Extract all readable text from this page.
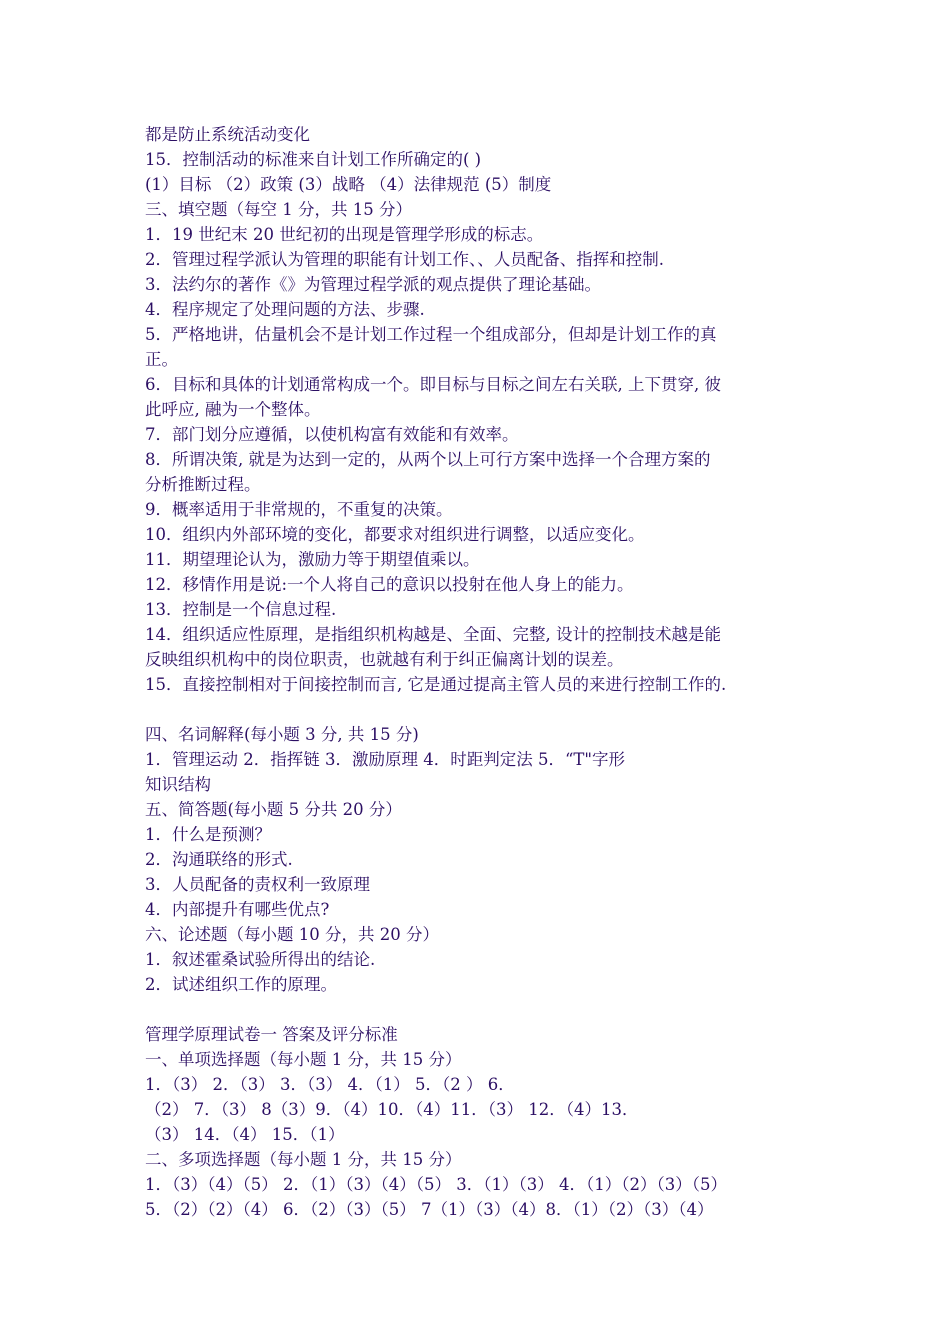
都是防止系统活动变化
15．控制活动的标准来自计划工作所确定的( )
(1）目标 （2）政策 (3）战略 （4）法律规范 (5）制度
三、填空题（每空 1 分，共 15 分）
1．19 世纪末 20 世纪初的出现是管理学形成的标志。
2．管理过程学派认为管理的职能有计划工作、、人员配备、指挥和控制.
3．法约尔的著作《》为管理过程学派的观点提供了理论基础。
4．程序规定了处理问题的方法、步骤.
5．严格地讲，估量机会不是计划工作过程一个组成部分，但却是计划工作的真
正。
6．目标和具体的计划通常构成一个。即目标与目标之间左右关联, 上下贯穿, 彼
此呼应, 融为一个整体。
7．部门划分应遵循，以使机构富有效能和有效率。
8．所谓决策, 就是为达到一定的，从两个以上可行方案中选择一个合理方案的
分析推断过程。
9．概率适用于非常规的，不重复的决策。
10．组织内外部环境的变化，都要求对组织进行调整，以适应变化。
11．期望理论认为，激励力等于期望值乘以。
12．移情作用是说:一个人将自己的意识以投射在他人身上的能力。
13．控制是一个信息过程.
14．组织适应性原理，是指组织机构越是、全面、完整, 设计的控制技术越是能
反映组织机构中的岗位职责，也就越有利于纠正偏离计划的误差。
15．直接控制相对于间接控制而言, 它是通过提高主管人员的来进行控制工作的.
四、名词解释(每小题 3 分, 共 15 分)
1．管理运动 2．指挥链 3．激励原理 4．时距判定法 5．“T"字形
知识结构
五、简答题(每小题 5 分共 20 分）
1．什么是预测？
2．沟通联络的形式.
3．人员配备的责权利一致原理
4．内部提升有哪些优点?
六、论述题（每小题 10 分，共 20 分）
1．叙述霍桑试验所得出的结论.
2．试述组织工作的原理。
管理学原理试卷一 答案及评分标准
一、单项选择题（每小题 1 分，共 15 分）
1．（3） 2．（3） 3．（3） 4．（1） 5．（2 ） 6．
（2） 7．（3） 8（3）9．（4）10．（4）11．（3） 12．（4）13．
（3） 14．（4） 15．（1）
二、多项选择题（每小题 1 分，共 15 分）
1．（3）（4）（5） 2．（1）（3）（4）（5） 3．（1）（3） 4．（1）（2）（3）（5）
5．（2）（2）（4） 6．（2）（3）（5） 7（1）（3）（4）8．（1）（2）（3）（4）
